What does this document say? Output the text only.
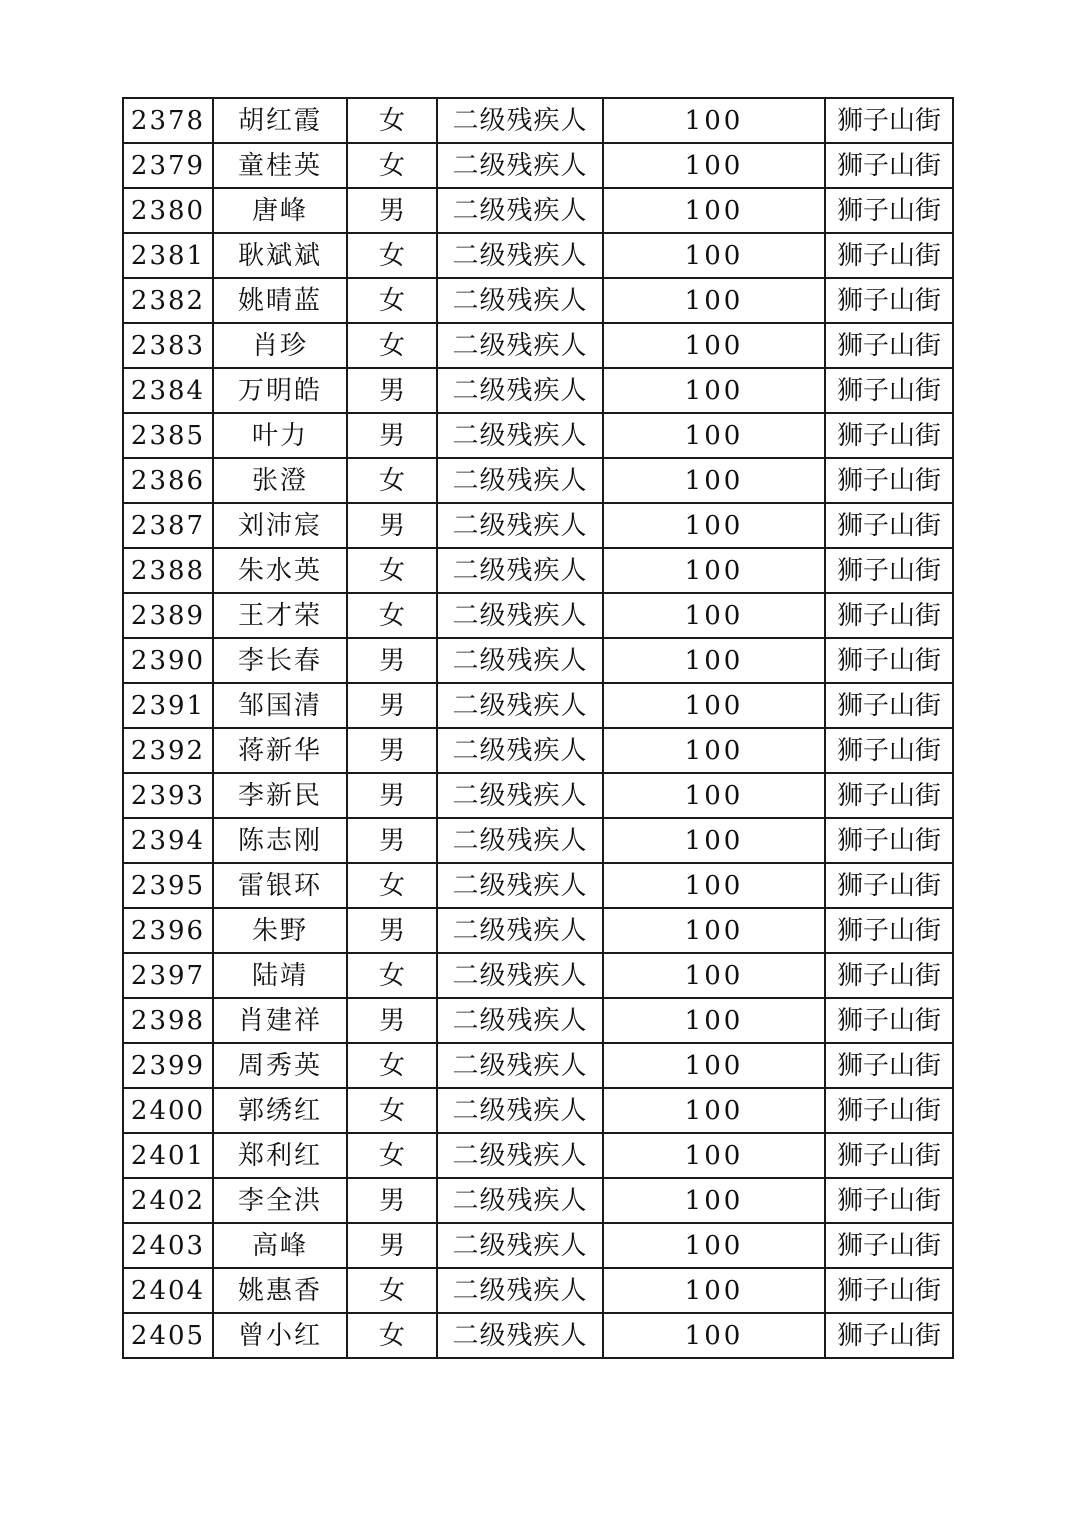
2378	胡红霞	女	二级残疾人	100	狮子山街
2379	童桂英	女	二级残疾人	100	狮子山街
2380	唐峰	男	二级残疾人	100	狮子山街
2381	耿斌斌	女	二级残疾人	100	狮子山街
2382	姚晴蓝	女	二级残疾人	100	狮子山街
2383	肖珍	女	二级残疾人	100	狮子山街
2384	万明皓	男	二级残疾人	100	狮子山街
2385	叶力	男	二级残疾人	100	狮子山街
2386	张澄	女	二级残疾人	100	狮子山街
2387	刘沛宸	男	二级残疾人	100	狮子山街
2388	朱水英	女	二级残疾人	100	狮子山街
2389	王才荣	女	二级残疾人	100	狮子山街
2390	李长春	男	二级残疾人	100	狮子山街
2391	邹国清	男	二级残疾人	100	狮子山街
2392	蒋新华	男	二级残疾人	100	狮子山街
2393	李新民	男	二级残疾人	100	狮子山街
2394	陈志刚	男	二级残疾人	100	狮子山街
2395	雷银环	女	二级残疾人	100	狮子山街
2396	朱野	男	二级残疾人	100	狮子山街
2397	陆靖	女	二级残疾人	100	狮子山街
2398	肖建祥	男	二级残疾人	100	狮子山街
2399	周秀英	女	二级残疾人	100	狮子山街
2400	郭绣红	女	二级残疾人	100	狮子山街
2401	郑利红	女	二级残疾人	100	狮子山街
2402	李全洪	男	二级残疾人	100	狮子山街
2403	高峰	男	二级残疾人	100	狮子山街
2404	姚惠香	女	二级残疾人	100	狮子山街
2405	曾小红	女	二级残疾人	100	狮子山街
